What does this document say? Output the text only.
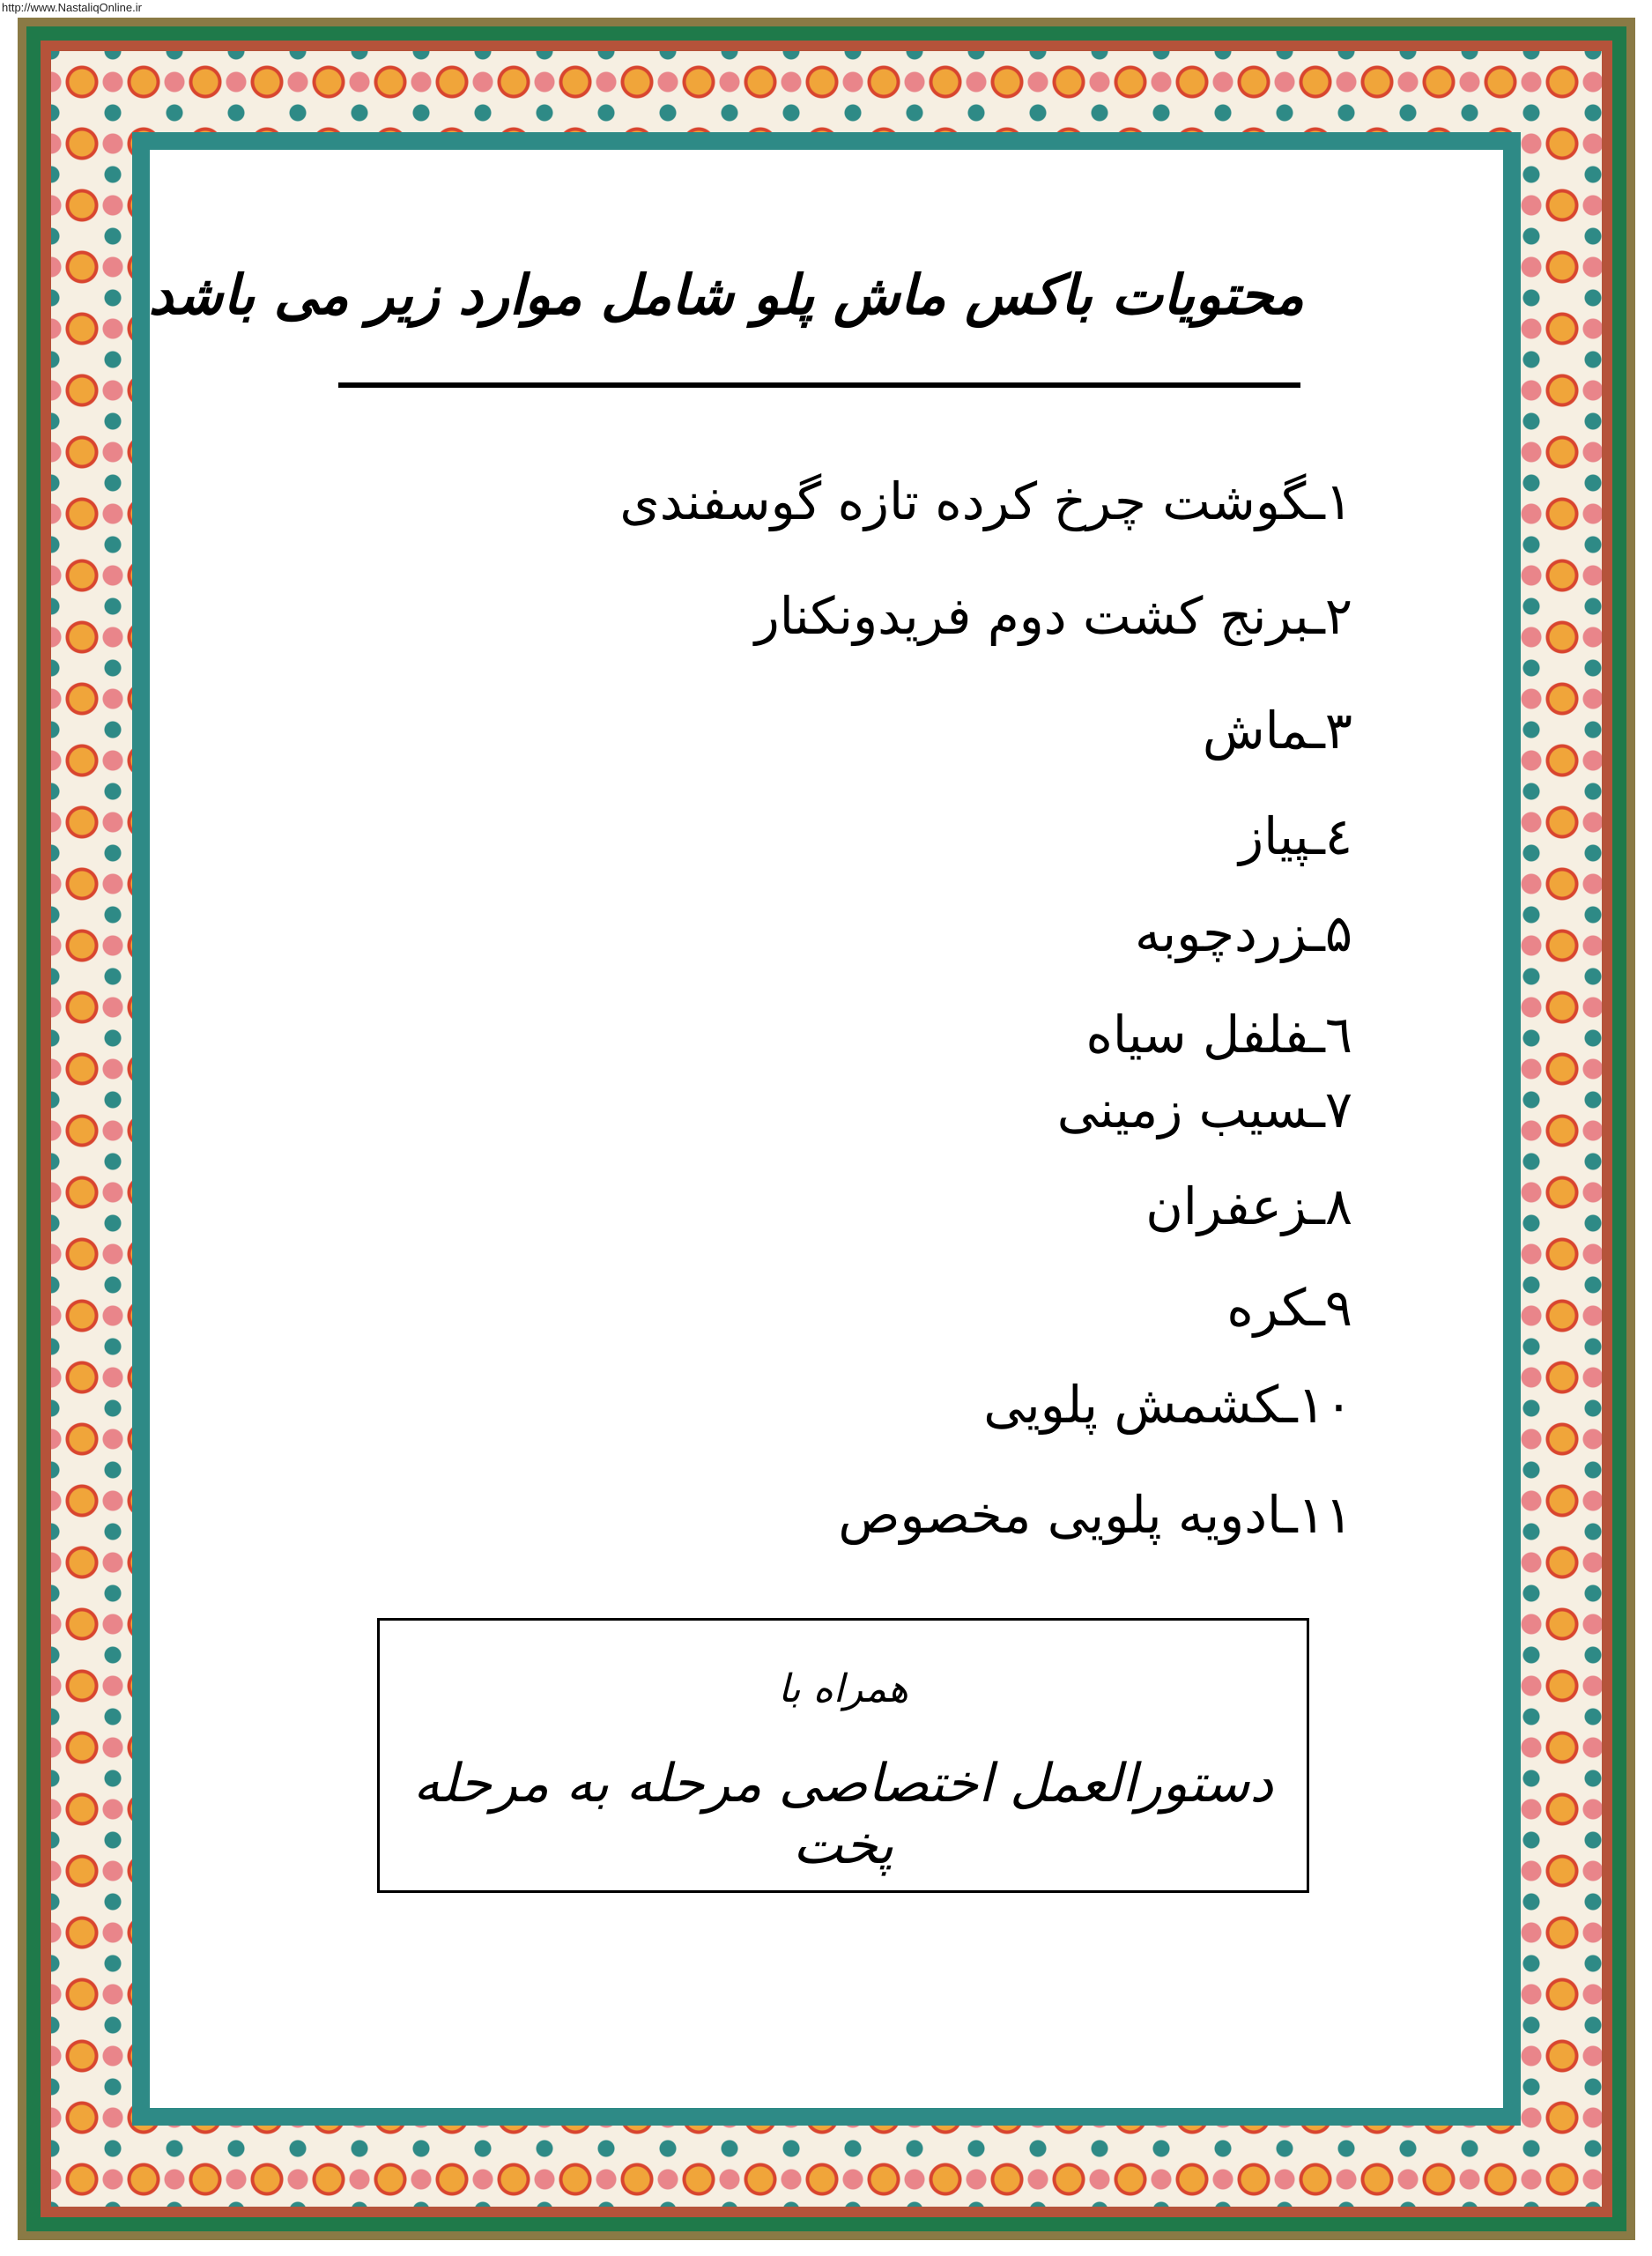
http://www.NastaliqOnline.ir
محتویات باکس ماش پلو شامل موارد زیر می باشد
۱ـگوشت چرخ کرده تازه گوسفندی
۲ـبرنج کشت دوم فریدونکنار
۳ـماش
٤ـپیاز
۵ـزردچوبه
٦ـفلفل سیاه
۷ـسیب زمینی
۸ـزعفران
۹ـکره
۱۰ـکشمش پلویی
۱۱ـادویه پلویی مخصوص
همراه با
دستورالعمل اختصاصی مرحله به مرحله پخت
